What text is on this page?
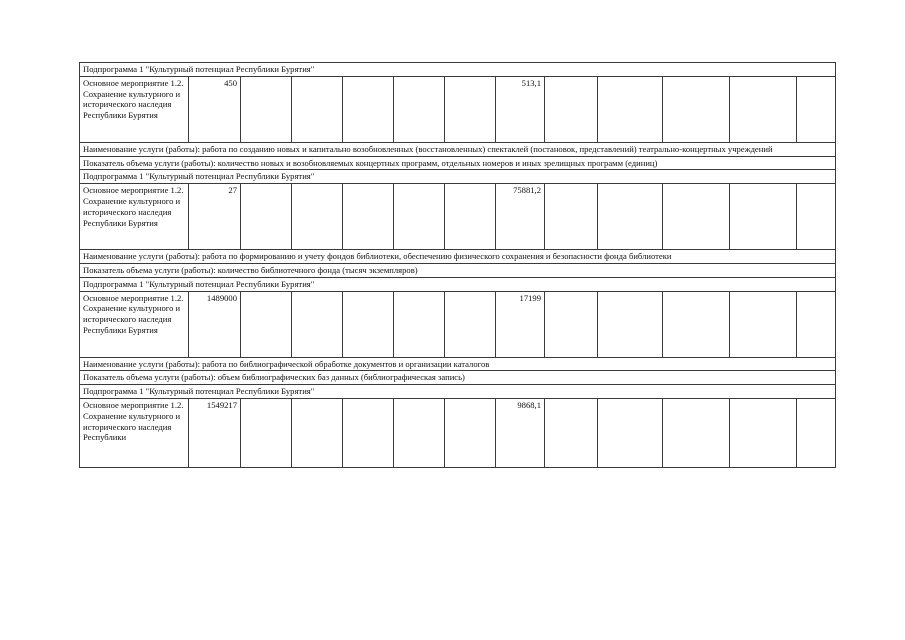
Подпрограмма 1 "Культурный потенциал Республики Бурятия"												

Основное мероприятие 1.2. Сохранение культурного и исторического наследия Республики Бурятия	450						513,1					
Наименование услуги (работы): работа по созданию новых и капитально возобновленных (восстановленных) спектаклей (постановок, представлений) театрально-концертных учреждений												
Показатель объема услуги (работы): количество новых и возобновляемых концертных программ, отдельных номеров и иных зрелищных программ (единиц)												
Подпрограмма 1 "Культурный потенциал Республики Бурятия"												

Основное мероприятие 1.2. Сохранение культурного и исторического наследия Республики Бурятия	27						75881,2					
Наименование услуги (работы): работа по формированию и учету фондов библиотеки, обеспечению физического сохранения и безопасности фонда библиотеки												
Показатель объема услуги (работы): количество библиотечного фонда (тысяч экземпляров)												
Подпрограмма 1 "Культурный потенциал Республики Бурятия"												

Основное мероприятие 1.2. Сохранение культурного и исторического наследия Республики Бурятия	1489000						17199					
Наименование услуги (работы): работа по библиографической обработке документов и организации каталогов												
Показатель объема услуги (работы): объем библиографических баз данных (библиографическая запись)												
Подпрограмма 1 "Культурный потенциал Республики Бурятия"												

Основное мероприятие 1.2. Сохранение культурного и исторического наследия Республики	1549217						9868,1					
